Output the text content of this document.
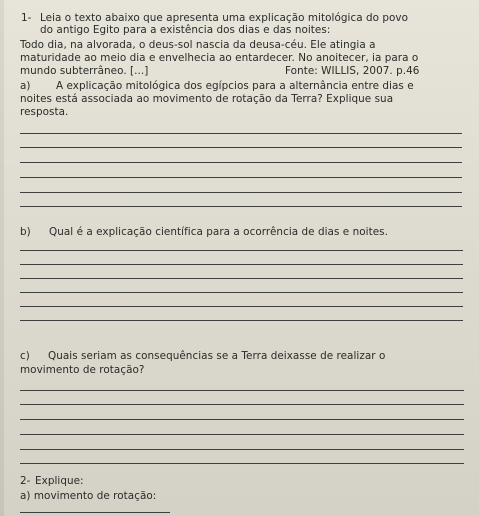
1- Leia o texto abaixo que apresenta uma explicação mitológica do povo
do antigo Egito para a existência dos dias e das noites:
Todo dia, na alvorada, o deus-sol nascia da deusa-céu. Ele atingia a
maturidade ao meio dia e envelhecia ao entardecer. No anoitecer, ia para o
mundo subterrâneo. [...]	Fonte: WILLIS, 2007. p.46
a) A explicação mitológica dos egípcios para a alternância entre dias e
noites está associada ao movimento de rotação da Terra? Explique sua
resposta.
b) Qual é a explicação científica para a ocorrência de dias e noites.
c) Quais seriam as consequências se a Terra deixasse de realizar o
movimento de rotação?
2- Explique:
a) movimento de rotação:
